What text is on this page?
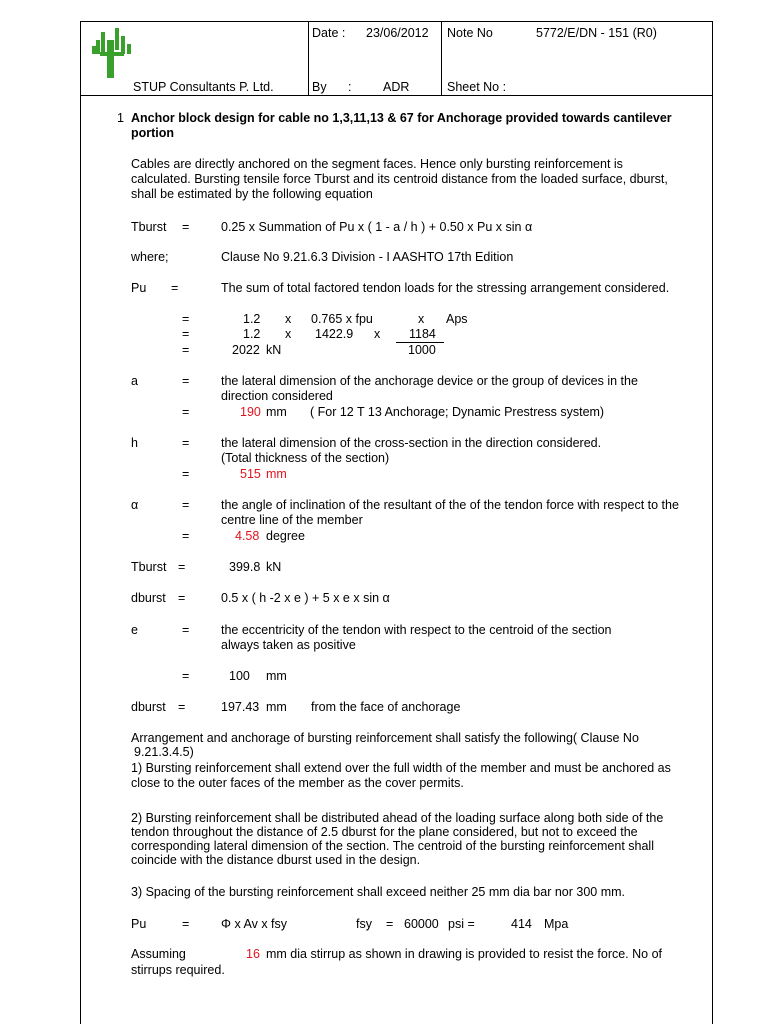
STUP Consultants P. Ltd.
Date : 23/06/2012 Note No	5772/E/DN - 151 (R0)
By :	ADR	Sheet No :
1 Anchor block design for cable no 1,3,11,13 & 67 for Anchorage provided towards cantilever
portion
Cables are directly anchored on the segment faces. Hence only bursting reinforcement is
calculated. Bursting tensile force Tburst and its centroid distance from the loaded surface, dburst,
shall be estimated by the following equation
Tburst =	0.25 x Summation of Pu x ( 1 - a / h ) + 0.50 x Pu x sin α
where;	Clause No 9.21.6.3 Division - I AASHTO 17th Edition
Pu =	The sum of total factored tendon loads for the stressing arrangement considered.
=	1.2 x 0.765 x fpu	x Aps
=	1.2 x 1422.9 x 1184
=	2022 kN	1000
a	=	the lateral dimension of the anchorage device or the group of devices in the
direction considered
=	190 mm ( For 12 T 13 Anchorage; Dynamic Prestress system)
h	=	the lateral dimension of the cross-section in the direction considered.
(Total thickness of the section)
=	515 mm
α	=	the angle of inclination of the resultant of the of the tendon force with respect to the
centre line of the member
=	4.58 degree
Tburst =	399.8 kN
dburst =	0.5 x ( h -2 x e ) + 5 x e x sin α
e	=	the eccentricity of the tendon with respect to the centroid of the section
always taken as positive
=	100 mm
dburst =	197.43 mm from the face of anchorage
Arrangement and anchorage of bursting reinforcement shall satisfy the following( Clause No
9.21.3.4.5)
1) Bursting reinforcement shall extend over the full width of the member and must be anchored as
close to the outer faces of the member as the cover permits.
2) Bursting reinforcement shall be distributed ahead of the loading surface along both side of the
tendon throughout the distance of 2.5 dburst for the plane considered, but not to exceed the
corresponding lateral dimension of the section. The centroid of the bursting reinforcement shall
coincide with the distance dburst used in the design.
3) Spacing of the bursting reinforcement shall exceed neither 25 mm dia bar nor 300 mm.
Pu	=	Φ x Av x fsy	fsy = 60000 psi =	414 Mpa
Assuming	16 mm dia stirrup as shown in drawing is provided to resist the force. No of
stirrups required.
